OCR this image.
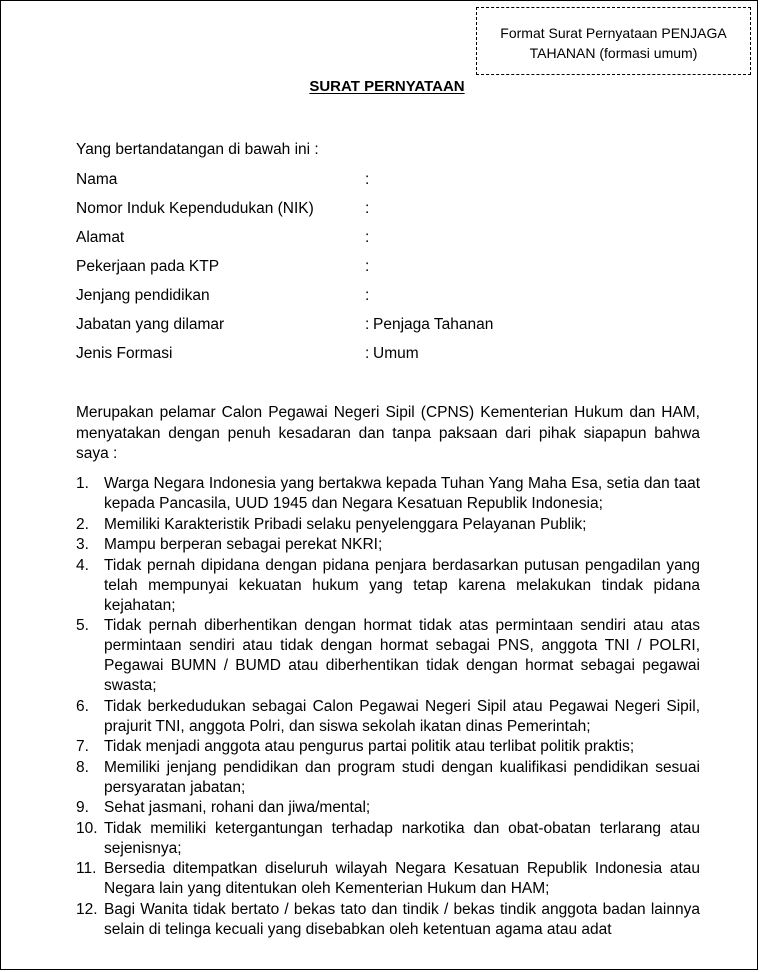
Format Surat Pernyataan PENJAGA
TAHANAN (formasi umum)
SURAT PERNYATAAN
Yang bertandatangan di bawah ini :
Nama	:
Nomor Induk Kependudukan (NIK)	:
Alamat	:
Pekerjaan pada KTP	:
Jenjang pendidikan	:
Jabatan yang dilamar	: Penjaga Tahanan
Jenis Formasi	: Umum
Merupakan pelamar Calon Pegawai Negeri Sipil (CPNS) Kementerian Hukum dan HAM, menyatakan dengan penuh kesadaran dan tanpa paksaan dari pihak siapapun bahwa saya :
1. Warga Negara Indonesia yang bertakwa kepada Tuhan Yang Maha Esa, setia dan taat kepada Pancasila, UUD 1945 dan Negara Kesatuan Republik Indonesia;
2. Memiliki Karakteristik Pribadi selaku penyelenggara Pelayanan Publik;
3. Mampu berperan sebagai perekat NKRI;
4. Tidak pernah dipidana dengan pidana penjara berdasarkan putusan pengadilan yang telah mempunyai kekuatan hukum yang tetap karena melakukan tindak pidana kejahatan;
5. Tidak pernah diberhentikan dengan hormat tidak atas permintaan sendiri atau atas permintaan sendiri atau tidak dengan hormat sebagai PNS, anggota TNI / POLRI, Pegawai BUMN / BUMD atau diberhentikan tidak dengan hormat sebagai pegawai swasta;
6. Tidak berkedudukan sebagai Calon Pegawai Negeri Sipil atau Pegawai Negeri Sipil, prajurit TNI, anggota Polri, dan siswa sekolah ikatan dinas Pemerintah;
7. Tidak menjadi anggota atau pengurus partai politik atau terlibat politik praktis;
8. Memiliki jenjang pendidikan dan program studi dengan kualifikasi pendidikan sesuai persyaratan jabatan;
9. Sehat jasmani, rohani dan jiwa/mental;
10. Tidak memiliki ketergantungan terhadap narkotika dan obat-obatan terlarang atau sejenisnya;
11. Bersedia ditempatkan diseluruh wilayah Negara Kesatuan Republik Indonesia atau Negara lain yang ditentukan oleh Kementerian Hukum dan HAM;
12. Bagi Wanita tidak bertato / bekas tato dan tindik / bekas tindik anggota badan lainnya selain di telinga kecuali yang disebabkan oleh ketentuan agama atau adat
